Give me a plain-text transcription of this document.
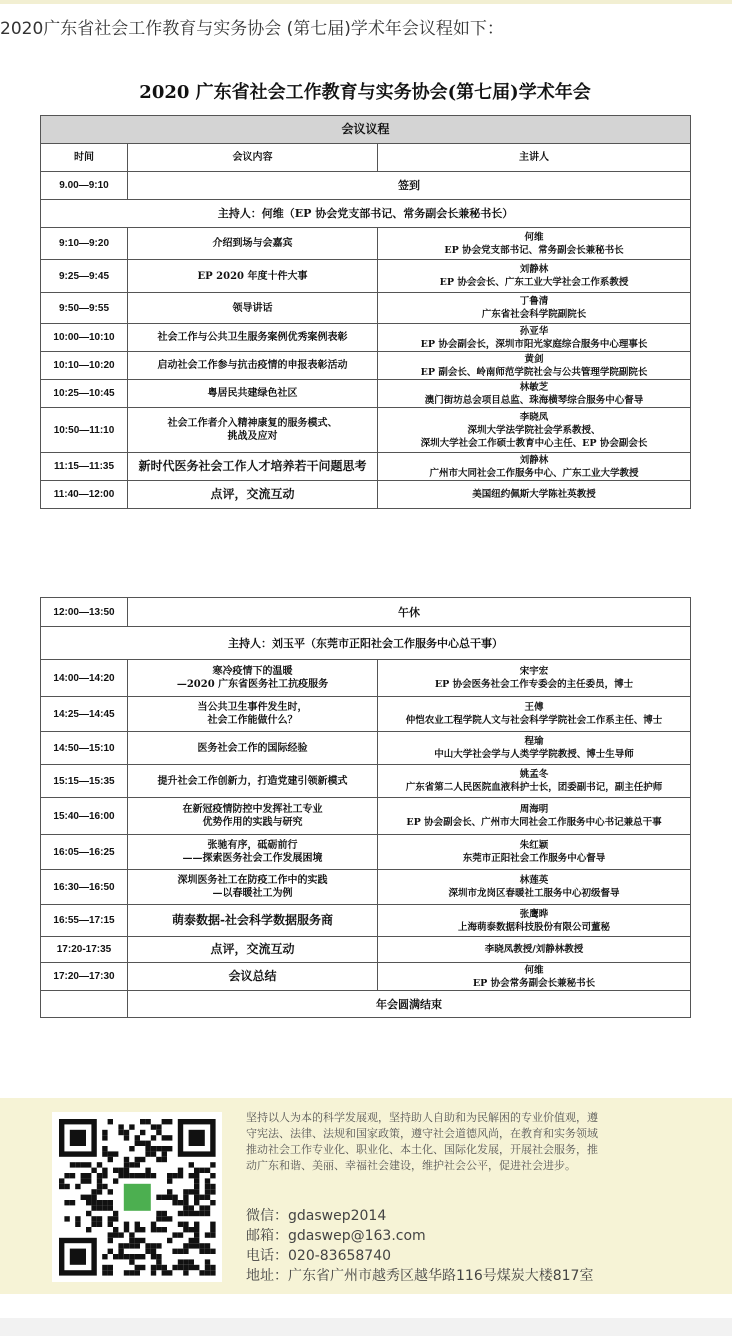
2020广东省社会工作教育与实务协会 (第七届)学术年会议程如下：
2020 广东省社会工作教育与实务协会(第七届)学术年会
会议议程		
时间	会议内容	主讲人
9.00—9:10	签到	
主持人：何维（EP 协会党支部书记、常务副会长兼秘书长）		
9:10—9:20	介绍到场与会嘉宾	何维
EP 协会党支部书记、常务副会长兼秘书长

9:25—9:45	EP 2020 年度十件大事	刘静林
EP 协会会长、广东工业大学社会工作系教授

9:50—9:55	领导讲话	丁鲁清
广东省社会科学院副院长

10:00—10:10	社会工作与公共卫生服务案例优秀案例表彰	孙亚华
EP 协会副会长，深圳市阳光家庭综合服务中心理事长

10:10—10:20	启动社会工作参与抗击疫情的申报表彰活动	黄剑
EP 副会长、岭南师范学院社会与公共管理学院副院长

10:25—10:45	粤居民共建绿色社区	林敏芝
澳门街坊总会项目总监、珠海横琴综合服务中心督导

10:50—11:10	社会工作者介入精神康复的服务模式、
挑战及应对	李晓凤
深圳大学法学院社会学系教授、
深圳大学社会工作硕士教育中心主任、EP 协会副会长

11:15—11:35	新时代医务社会工作人才培养若干问题思考	刘静林
广州市大同社会工作服务中心、广东工业大学教授

11:40—12:00	点评，交流互动	美国纽约佩斯大学陈社英教授
12:00—13:50	午休	
主持人：刘玉平（东莞市正阳社会工作服务中心总干事）		
14:00—14:20	寒冷疫情下的温暖
—2020 广东省医务社工抗疫服务	宋宇宏
EP 协会医务社会工作专委会的主任委员，博士

14:25—14:45	当公共卫生事件发生时，
社会工作能做什么？	王傅
仲恺农业工程学院人文与社会科学学院社会工作系主任、博士

14:50—15:10	医务社会工作的国际经验	程瑜
中山大学社会学与人类学学院教授、博士生导师

15:15—15:35	提升社会工作创新力，打造党建引领新模式	姚孟冬
广东省第二人民医院血液科护士长，团委副书记，副主任护师

15:40—16:00	在新冠疫情防控中发挥社工专业
优势作用的实践与研究	周海明
EP 协会副会长、广州市大同社会工作服务中心书记兼总干事

16:05—16:25	张驰有序，砥砺前行
——探索医务社会工作发展困境	朱红颖
东莞市正阳社会工作服务中心督导

16:30—16:50	深圳医务社工在防疫工作中的实践
—以春暖社工为例	林莲英
深圳市龙岗区春暖社工服务中心初级督导

16:55—17:15	萌泰数据-社会科学数据服务商	张鹰晔
上海萌泰数据科技股份有限公司董秘

17:20-17:35	点评，交流互动	李晓凤教授/刘静林教授

17:20—17:30	会议总结	何维
EP 协会常务副会长兼秘书长

	年会圆满结束	
坚持以人为本的科学发展观，坚持助人自助和为民解困的专业价值观，遵守宪法、法律、法规和国家政策，遵守社会道德风尚，在教育和实务领域推动社会工作专业化、职业化、本土化、国际化发展，开展社会服务，推动广东和谐、美丽、幸福社会建设，维护社会公平，促进社会进步。
微信：gdaswep2014
邮箱：gdaswep@163.com
电话：020-83658740
地址：广东省广州市越秀区越华路116号煤炭大楼817室
